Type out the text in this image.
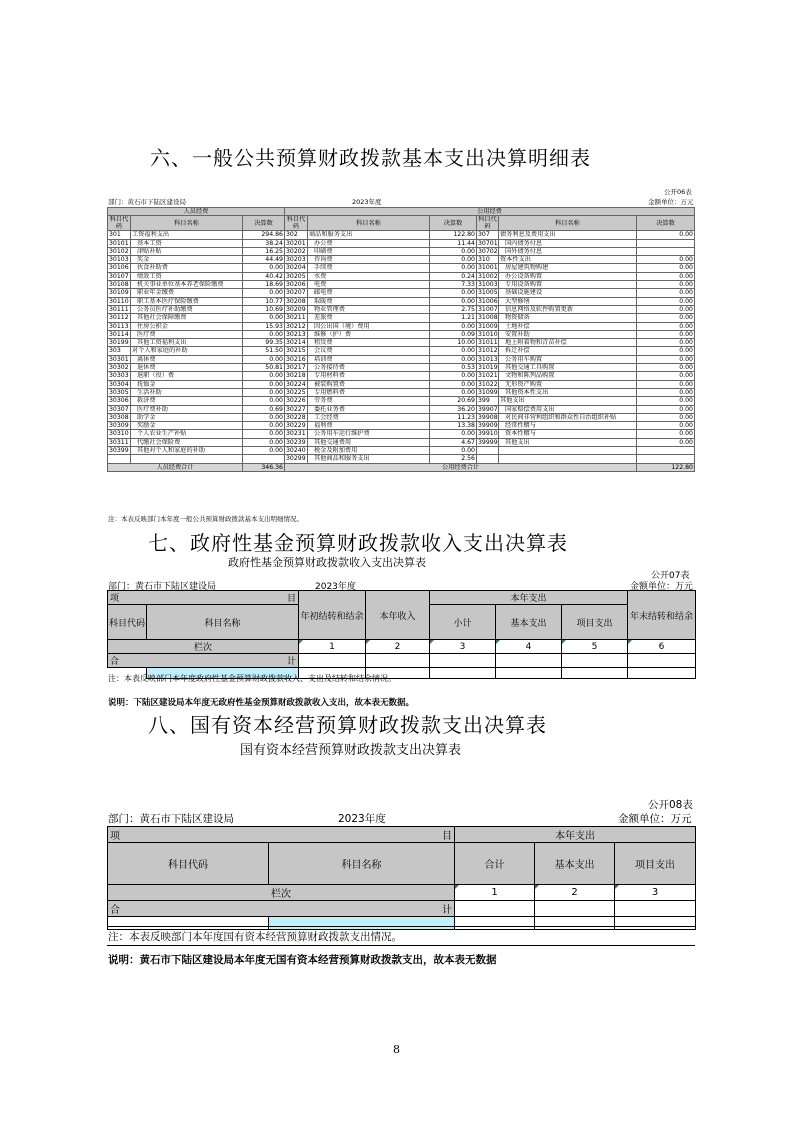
六、一般公共预算财政拨款基本支出决算明细表
公开06表
部门：黄石市下陆区建设局	2023年度	金额单位：万元
人员经费			公用经费					
科目代码	科目名称	决算数	科目代码	科目名称	决算数	科目代码	科目名称	决算数
301	工资福利支出	294.86	302	商品和服务支出	122.80	307	债务利息及费用支出	0.00
30101	基本工资	38.24	30201	办公费	11.44	30701	国内债务付息	
30102	津贴补贴	16.25	30202	印刷费	0.00	30702	国外债务付息	
30103	奖金	44.49	30203	咨询费	0.00	310	资本性支出	0.00
30106	伙食补助费	0.00	30204	手续费	0.00	31001	房屋建筑物购建	0.00
30107	绩效工资	40.42	30205	水费	0.24	31002	办公设备购置	0.00
30108	机关事业单位基本养老保险缴费	18.69	30206	电费	7.33	31003	专用设备购置	0.00
30109	职业年金缴费	0.00	30207	邮电费	0.00	31005	基础设施建设	0.00
30110	职工基本医疗保险缴费	10.77	30208	取暖费	0.00	31006	大型修缮	0.00
30111	公务员医疗补助缴费	10.69	30209	物业管理费	2.75	31007	信息网络及软件购置更新	0.00
30112	其他社会保障缴费	0.00	30211	差旅费	1.21	31008	物资储备	0.00
30113	住房公积金	15.93	30212	因公出国（境）费用	0.00	31009	土地补偿	0.00
30114	医疗费	0.00	30213	维修（护）费	0.09	31010	安置补助	0.00
30199	其他工资福利支出	99.35	30214	租赁费	10.00	31011	地上附着物和青苗补偿	0.00
303	对个人和家庭的补助	51.50	30215	会议费	0.00	31012	拆迁补偿	0.00
30301	离休费	0.00	30216	培训费	0.00	31013	公务用车购置	0.00
30302	退休费	50.81	30217	公务接待费	0.53	31019	其他交通工具购置	0.00
30303	退职（役）费	0.00	30218	专用材料费	0.00	31021	文物和陈列品购置	0.00
30304	抚恤金	0.00	30224	被装购置费	0.00	31022	无形资产购置	0.00
30305	生活补助	0.00	30225	专用燃料费	0.00	31099	其他资本性支出	0.00
30306	救济费	0.00	30226	劳务费	20.69	399	其他支出	0.00
30307	医疗费补助	0.69	30227	委托业务费	36.20	39907	国家赔偿费用支出	0.00
30308	助学金	0.00	30228	工会经费	11.23	39908	对民间非营利组织和群众性自治组织补贴	0.00
30309	奖励金	0.00	30229	福利费	13.38	39909	经常性赠与	0.00
30310	个人农业生产补贴	0.00	30231	公务用车运行维护费	0.00	39910	资本性赠与	0.00
30311	代缴社会保险费	0.00	30239	其他交通费用	4.67	39999	其他支出	0.00
30399	其他对个人和家庭的补助	0.00	30240	税金及附加费用	0.00			
			30299	其他商品和服务支出	2.56			
人员经费合计		346.36	公用经费合计					122.80
注：本表反映部门本年度一般公共预算财政拨款基本支出明细情况。
七、政府性基金预算财政拨款收入支出决算表
政府性基金预算财政拨款收入支出决算表
公开07表
部门：黄石市下陆区建设局	2023年度	金额单位：万元
项 目		年初结转和结余	本年收入	本年支出			年末结转和结余
科目代码	科目名称			小计	基本支出	项目支出	
栏次		1	2	3	4	5	6
合 计							

注：本表反映部门本年度政府性基金预算财政拨款收入、支出及结转和结余情况。
说明：下陆区建设局本年度无政府性基金预算财政拨款收入支出，故本表无数据。
八、国有资本经营预算财政拨款支出决算表
国有资本经营预算财政拨款支出决算表
公开08表
部门：黄石市下陆区建设局	2023年度	金额单位：万元
项 目		本年支出		
科目代码	科目名称	合计	基本支出	项目支出
栏次		1	2	3
合 计				

注：本表反映部门本年度国有资本经营预算财政拨款支出情况。
说明：黄石市下陆区建设局本年度无国有资本经营预算财政拨款支出，故本表无数据
8
